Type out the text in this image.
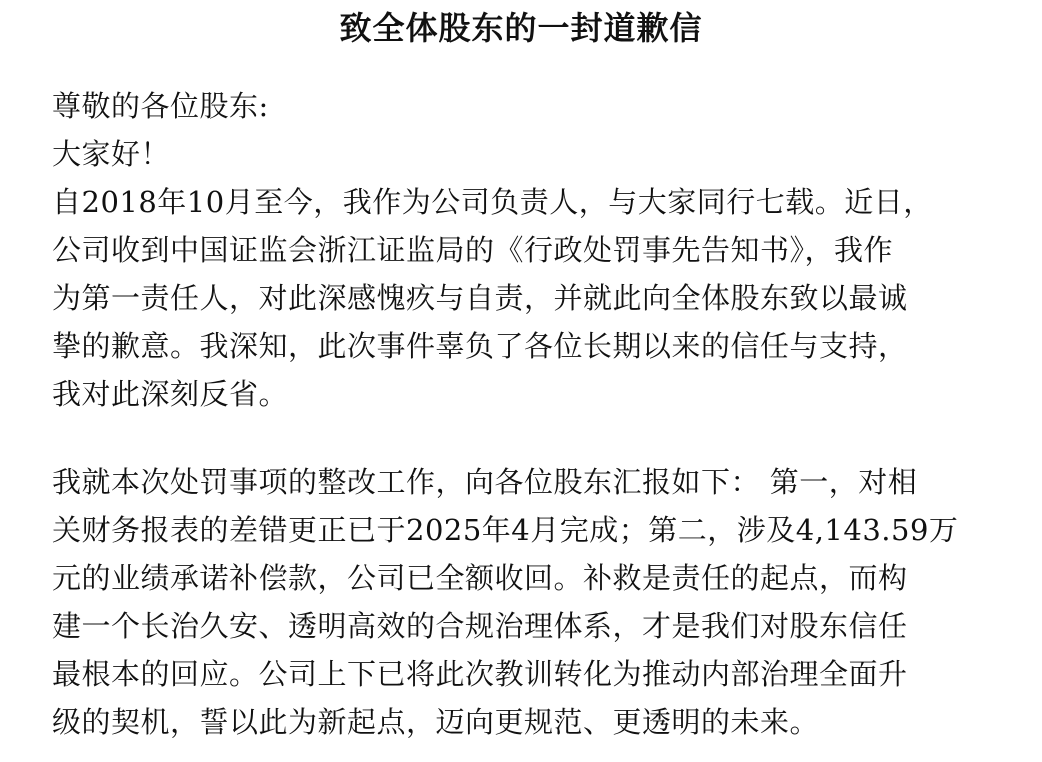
致全体股东的一封道歉信
尊敬的各位股东:
大家好！
自2018年10月至今，我作为公司负责人，与大家同行七载。近日，
公司收到中国证监会浙江证监局的《行政处罚事先告知书》，我作
为第一责任人，对此深感愧疚与自责，并就此向全体股东致以最诚
挚的歉意。我深知，此次事件辜负了各位长期以来的信任与支持，
我对此深刻反省。
我就本次处罚事项的整改工作，向各位股东汇报如下： 第一，对相
关财务报表的差错更正已于2025年4月完成；第二，涉及4,143.59万
元的业绩承诺补偿款，公司已全额收回。补救是责任的起点，而构
建一个长治久安、透明高效的合规治理体系，才是我们对股东信任
最根本的回应。公司上下已将此次教训转化为推动内部治理全面升
级的契机，誓以此为新起点，迈向更规范、更透明的未来。
